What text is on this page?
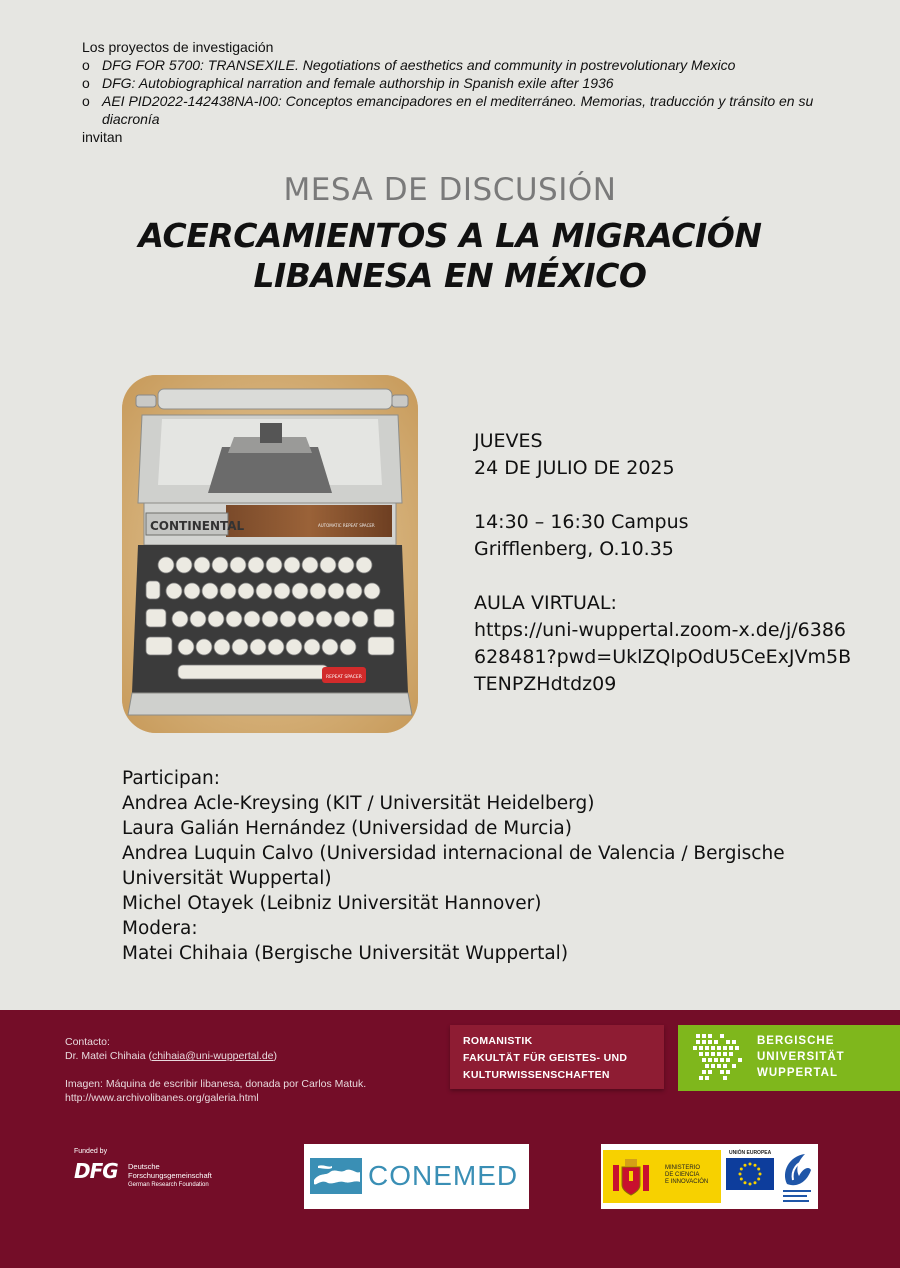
Los proyectos de investigación
o DFG FOR 5700: TRANSEXILE. Negotiations of aesthetics and community in postrevolutionary Mexico
o DFG: Autobiographical narration and female authorship in Spanish exile after 1936
o AEI PID2022-142438NA-I00: Conceptos emancipadores en el mediterráneo. Memorias, traducción y tránsito en su diacronía
invitan
MESA DE DISCUSIÓN
ACERCAMIENTOS A LA MIGRACIÓN
LIBANESA EN MÉXICO
CONTINENTAL	AUTOMATIC REPEAT SPACER
REPEAT SPACER

JUEVES
24 DE JULIO DE 2025

14:30 – 16:30 Campus
Grifflenberg, O.10.35

AULA VIRTUAL:
https://uni-wuppertal.zoom-x.de/j/6386628481?pwd=UklZQlpOdU5CeExJVm5BTENPZHdtdz09

Participan:
Andrea Acle-Kreysing (KIT / Universität Heidelberg)
Laura Galián Hernández (Universidad de Murcia)
Andrea Luquin Calvo (Universidad internacional de Valencia / Bergische Universität Wuppertal)
Michel Otayek (Leibniz Universität Hannover)
Modera:
Matei Chihaia (Bergische Universität Wuppertal)
Contacto:
Dr. Matei Chihaia (chihaia@uni-wuppertal.de)
Imagen: Máquina de escribir libanesa, donada por Carlos Matuk.
http://www.archivolibanes.org/galeria.html
ROMANISTIK
FAKULTÄT FÜR GEISTES- UND
KULTURWISSENSCHAFTEN
BERGISCHE
UNIVERSITÄT
WUPPERTAL
Funded by
DFG Deutsche
Forschungsgemeinschaft
German Research Foundation	CONEMED	MINISTERIO
DE CIENCIA
E INNOVACIÓN
UNIÓN EUROPEA
